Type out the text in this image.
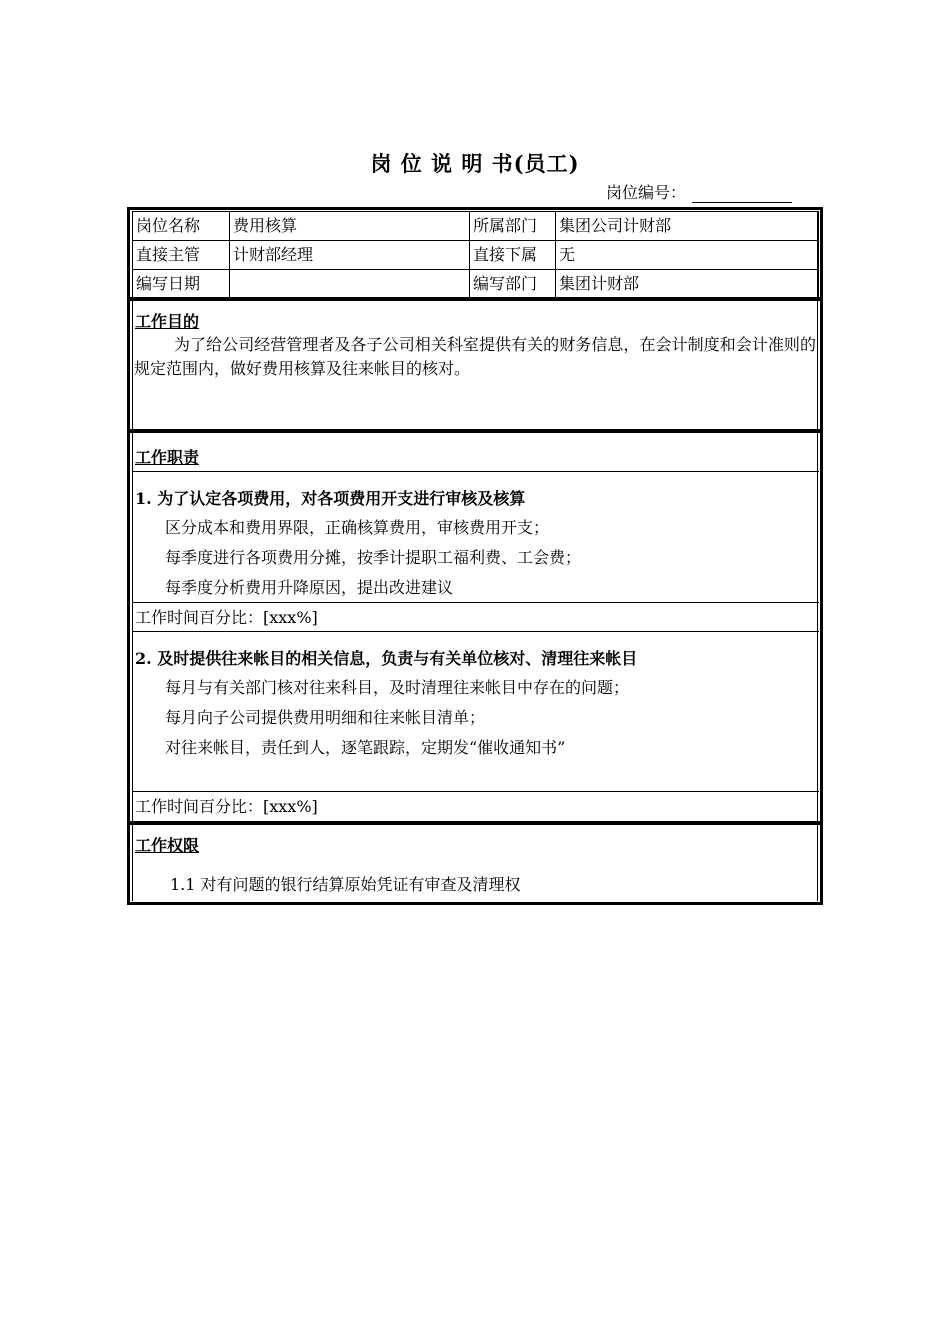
岗 位 说 明 书(员工)
岗位编号：
岗位名称	费用核算	所属部门	集团公司计财部
直接主管	计财部经理	直接下属	无
编写日期		编写部门	集团计财部
工作目的
为了给公司经营管理者及各子公司相关科室提供有关的财务信息，在会计制度和会计准则的规定范围内，做好费用核算及往来帐目的核对。
工作职责
1. 为了认定各项费用，对各项费用开支进行审核及核算
区分成本和费用界限，正确核算费用，审核费用开支；
每季度进行各项费用分摊，按季计提职工福利费、工会费；
每季度分析费用升降原因，提出改进建议
工作时间百分比：[xxx%]
2. 及时提供往来帐目的相关信息，负责与有关单位核对、清理往来帐目
每月与有关部门核对往来科目，及时清理往来帐目中存在的问题；
每月向子公司提供费用明细和往来帐目清单；
对往来帐目，责任到人，逐笔跟踪，定期发“催收通知书”
工作时间百分比：[xxx%]
工作权限
1.1 对有问题的银行结算原始凭证有审查及清理权
